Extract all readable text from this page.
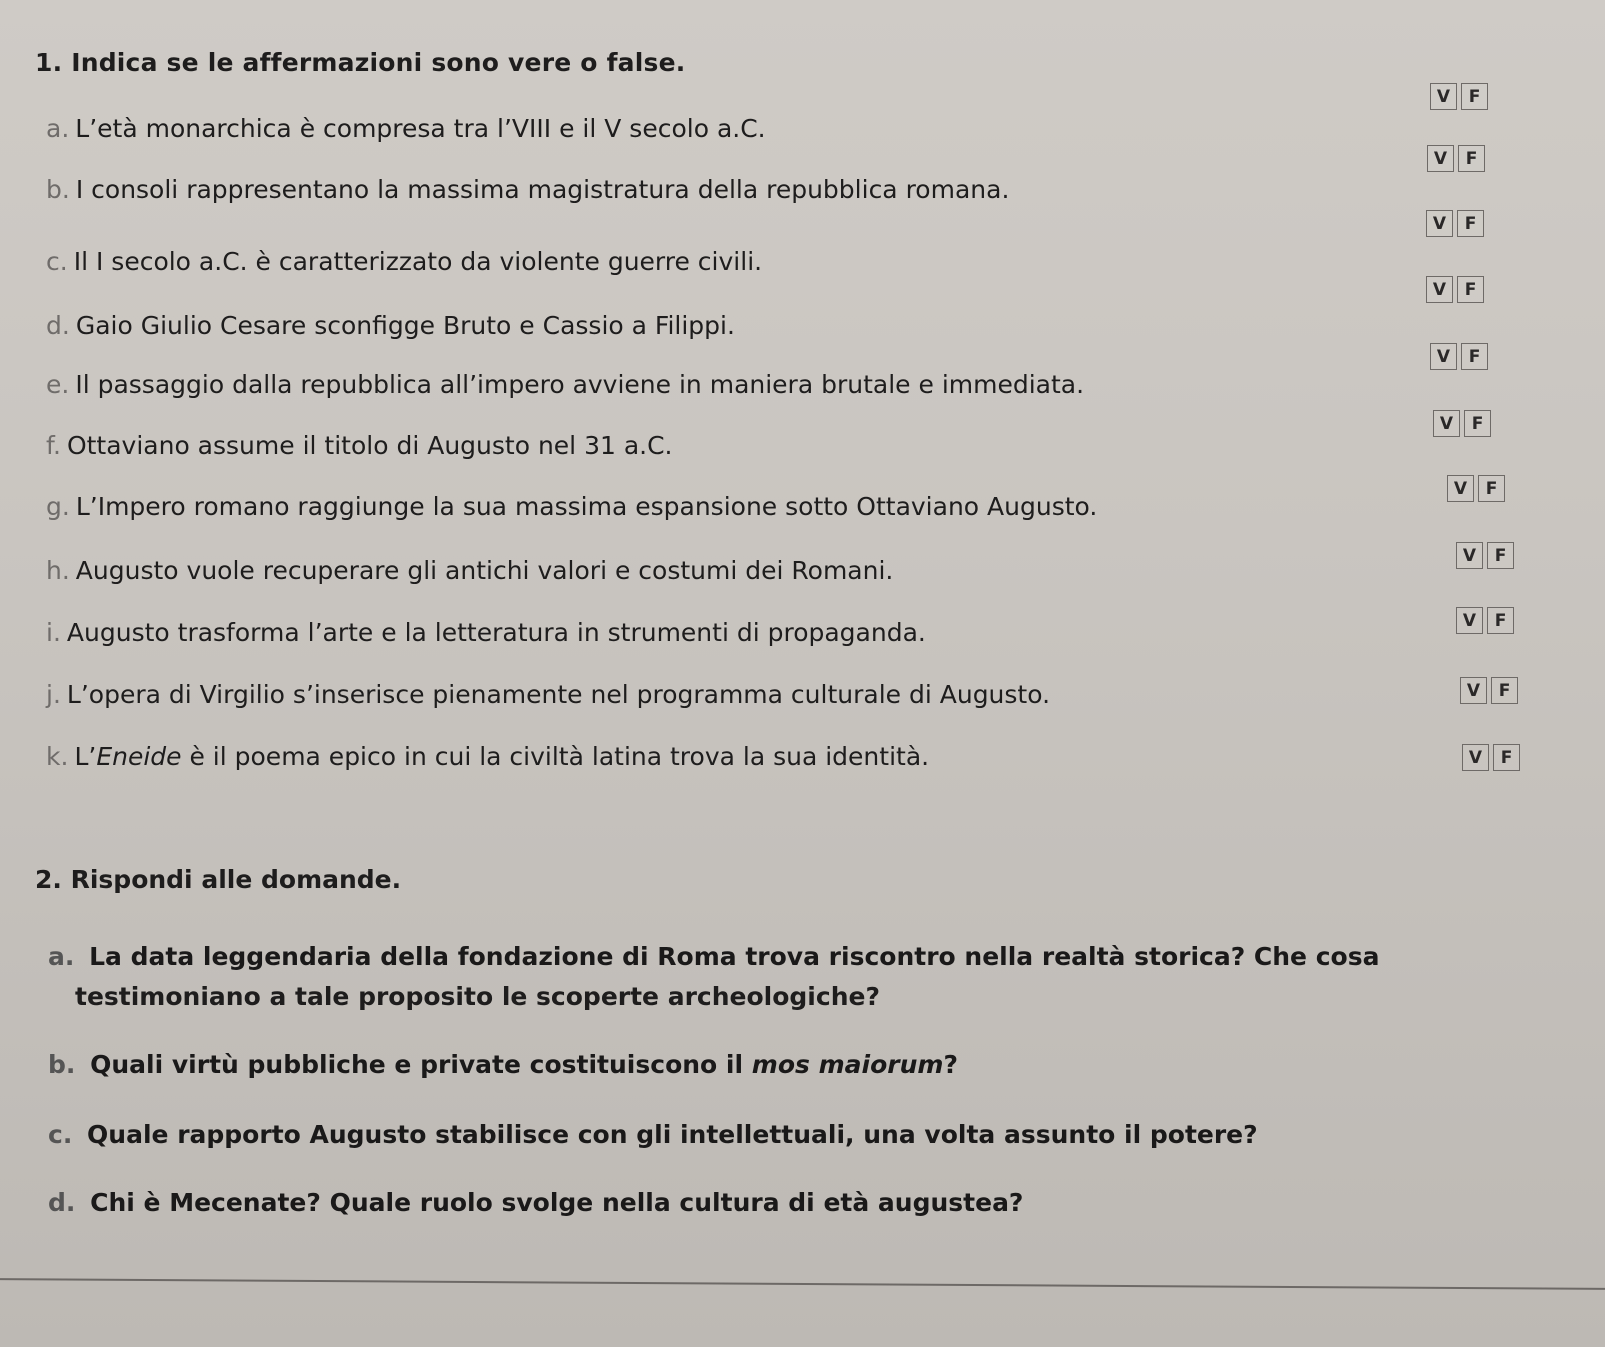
1. Indica se le affermazioni sono vere o false.
a. L’età monarchica è compresa tra l’VIII e il V secolo a.C.
V	F
b. I consoli rappresentano la massima magistratura della repubblica romana.
V	F
c. Il I secolo a.C. è caratterizzato da violente guerre civili.
V	F
d. Gaio Giulio Cesare sconfigge Bruto e Cassio a Filippi.
V	F
e. Il passaggio dalla repubblica all’impero avviene in maniera brutale e immediata.
V	F
f. Ottaviano assume il titolo di Augusto nel 31 a.C.
V	F
g. L’Impero romano raggiunge la sua massima espansione sotto Ottaviano Augusto.
V	F
h. Augusto vuole recuperare gli antichi valori e costumi dei Romani.
V	F
i. Augusto trasforma l’arte e la letteratura in strumenti di propaganda.	V	F
j. L’opera di Virgilio s’inserisce pienamente nel programma culturale di Augusto.	V	F
k. L’Eneide è il poema epico in cui la civiltà latina trova la sua identità.	V	F
2. Rispondi alle domande.
a. La data leggendaria della fondazione di Roma trova riscontro nella realtà storica? Che cosa
testimoniano a tale proposito le scoperte archeologiche?
b. Quali virtù pubbliche e private costituiscono il mos maiorum?
c. Quale rapporto Augusto stabilisce con gli intellettuali, una volta assunto il potere?
d. Chi è Mecenate? Quale ruolo svolge nella cultura di età augustea?
